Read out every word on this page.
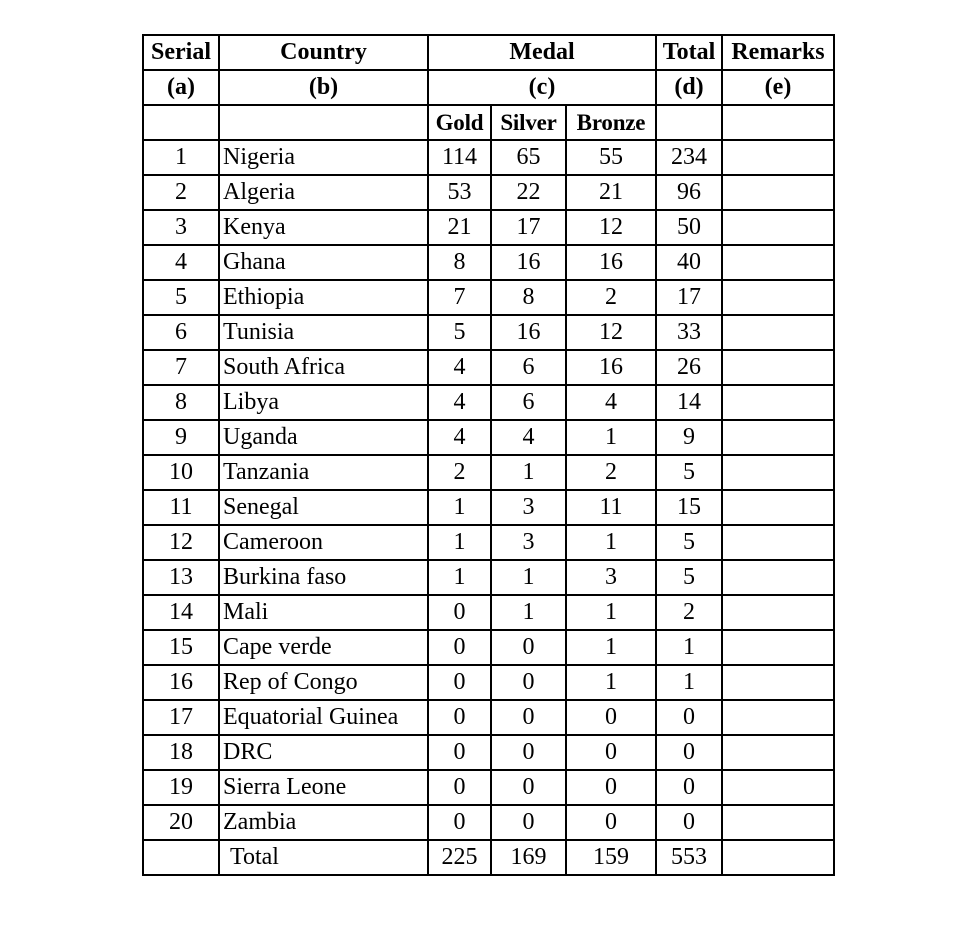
Serial	Country	Medal			Total	Remarks
(a)	(b)	(c)			(d)	(e)
		Gold	Silver	Bronze		
1	Nigeria	114	65	55	234	
2	Algeria	53	22	21	96	
3	Kenya	21	17	12	50	
4	Ghana	8	16	16	40	
5	Ethiopia	7	8	2	17	
6	Tunisia	5	16	12	33	
7	South Africa	4	6	16	26	
8	Libya	4	6	4	14	
9	Uganda	4	4	1	9	
10	Tanzania	2	1	2	5	
11	Senegal	1	3	11	15	
12	Cameroon	1	3	1	5	
13	Burkina faso	1	1	3	5	
14	Mali	0	1	1	2	
15	Cape verde	0	0	1	1	
16	Rep of Congo	0	0	1	1	
17	Equatorial Guinea	0	0	0	0	
18	DRC	0	0	0	0	
19	Sierra Leone	0	0	0	0	
20	Zambia	0	0	0	0	
	Total	225	169	159	553	
